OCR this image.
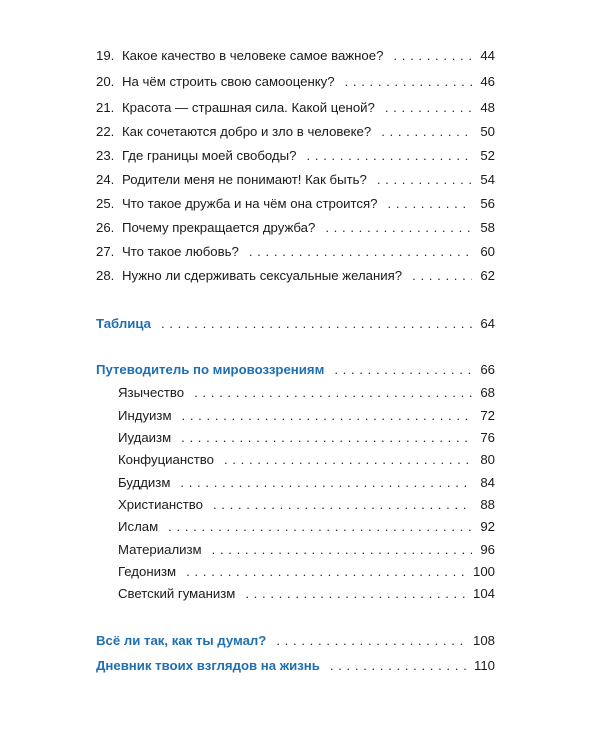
19. Какое качество в человеке самое важное? . . .	44
20. На чём строить свою самооценку? . . .	46
21. Красота — страшная сила. Какой ценой? . . .	48
22. Как сочетаются добро и зло в человеке? . . .	50
23. Где границы моей свободы? . . .	52
24. Родители меня не понимают! Как быть? . . .	54
25. Что такое дружба и на чём она строится? . . .	56
26. Почему прекращается дружба? . . .	58
27. Что такое любовь? . . .	60
28. Нужно ли сдерживать сексуальные желания? . . .	62
Таблица . . .	64
Путеводитель по мировоззрениям . . .	66
Язычество . . .	68
Индуизм . . .	72
Иудаизм . . .	76
Конфуцианство . . .	80
Буддизм . . .	84
Христианство . . .	88
Ислам . . .	92
Материализм . . .	96
Гедонизм . . .	100
Светский гуманизм . . .	104
Всё ли так, как ты думал? . . .	108
Дневник твоих взглядов на жизнь . . .	110
